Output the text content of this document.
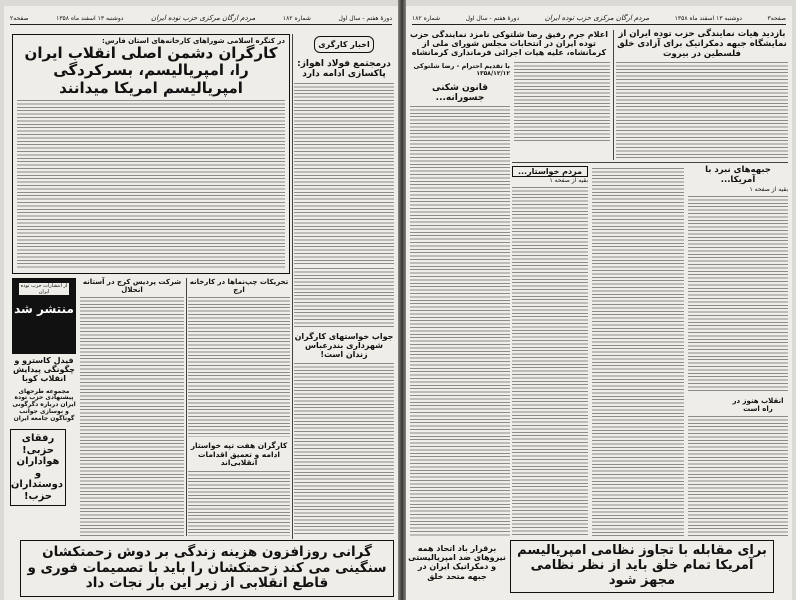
دورهٔ هفتم - سال اول
شماره ۱۸۲
مردم ارگان مرکزی حزب توده ایران
دوشنبه ۱۳ اسفند ماه ۱۳۵۸
صفحه۲
در کنگره اسلامی شوراهای کارخانه‌های استان فارس:
کارگران دشمن اصلی انقلاب ایران را، امپریالیسم، بسرکردگی امپریالیسم امریکا میدانند
اخبار کارگری
درمجتمع فولاد اهواز: پاکسازی ادامه دارد
از انتشارات حزب توده ایران
منتشر شد
فیدل کاسترو و چگونگی پیدایش انقلاب کوبا
مجموعه طرحهای پیشنهادی حزب توده ایران درباره دگرگونی و نوسازی جوانب گوناگون جامعه ایران
رفقای حزبی! هواداران و دوستداران حزب!
شرکت پردیس کرج در آستانه انحلال
تحریکات چپ‌نماها در کارخانه ارج
کارگران هفت تپه خواستار ادامه و تعمیق اقدامات انقلابی‌اند
جواب خواستهای کارگران شهرداری بندرعباس زندان است!
گرانی روزافزون هزینه زندگی بر دوش زحمتکشان سنگینی می کند زحمتکشان را باید با تصمیمات فوری و قاطع انقلابی از زیر این بار نجات داد
صفحه۳
دوشنبه ۱۳ اسفند ماه ۱۳۵۸
مردم ارگان مرکزی حزب توده ایران
دورهٔ هفتم - سال اول
شماره ۱۸۲
بازدید هیات نمایندگی حزب توده ایران از نمایشگاه جبهه دمکراتیک برای آزادی خلق فلسطین در بیروت
اعلام جرم رفیق رضا شلتوکی نامزد نمایندگی حزب توده ایران در انتخابات مجلس شورای ملی از کرمانشاه، علیه هیات اجرائی فرمانداری کرمانشاه
با تقدیم احترام - رضا شلتوکی
۱۳۵۸/۱۲/۱۲
قانون شکنی جسورانه...
مردم خواستار...
بقیه از صفحه ۱
جبهه‌های نبرد با آمریکا...
بقیه از صفحه ۱
انقلاب هنوز در راه است
برقرار باد اتحاد همه نیروهای ضد امپریالیستی و دمکراتیک ایران در جبهه متحد خلق
برای مقابله با تجاوز نظامی امپریالیسم آمریکا تمام خلق باید از نظر نظامی مجهز شود
